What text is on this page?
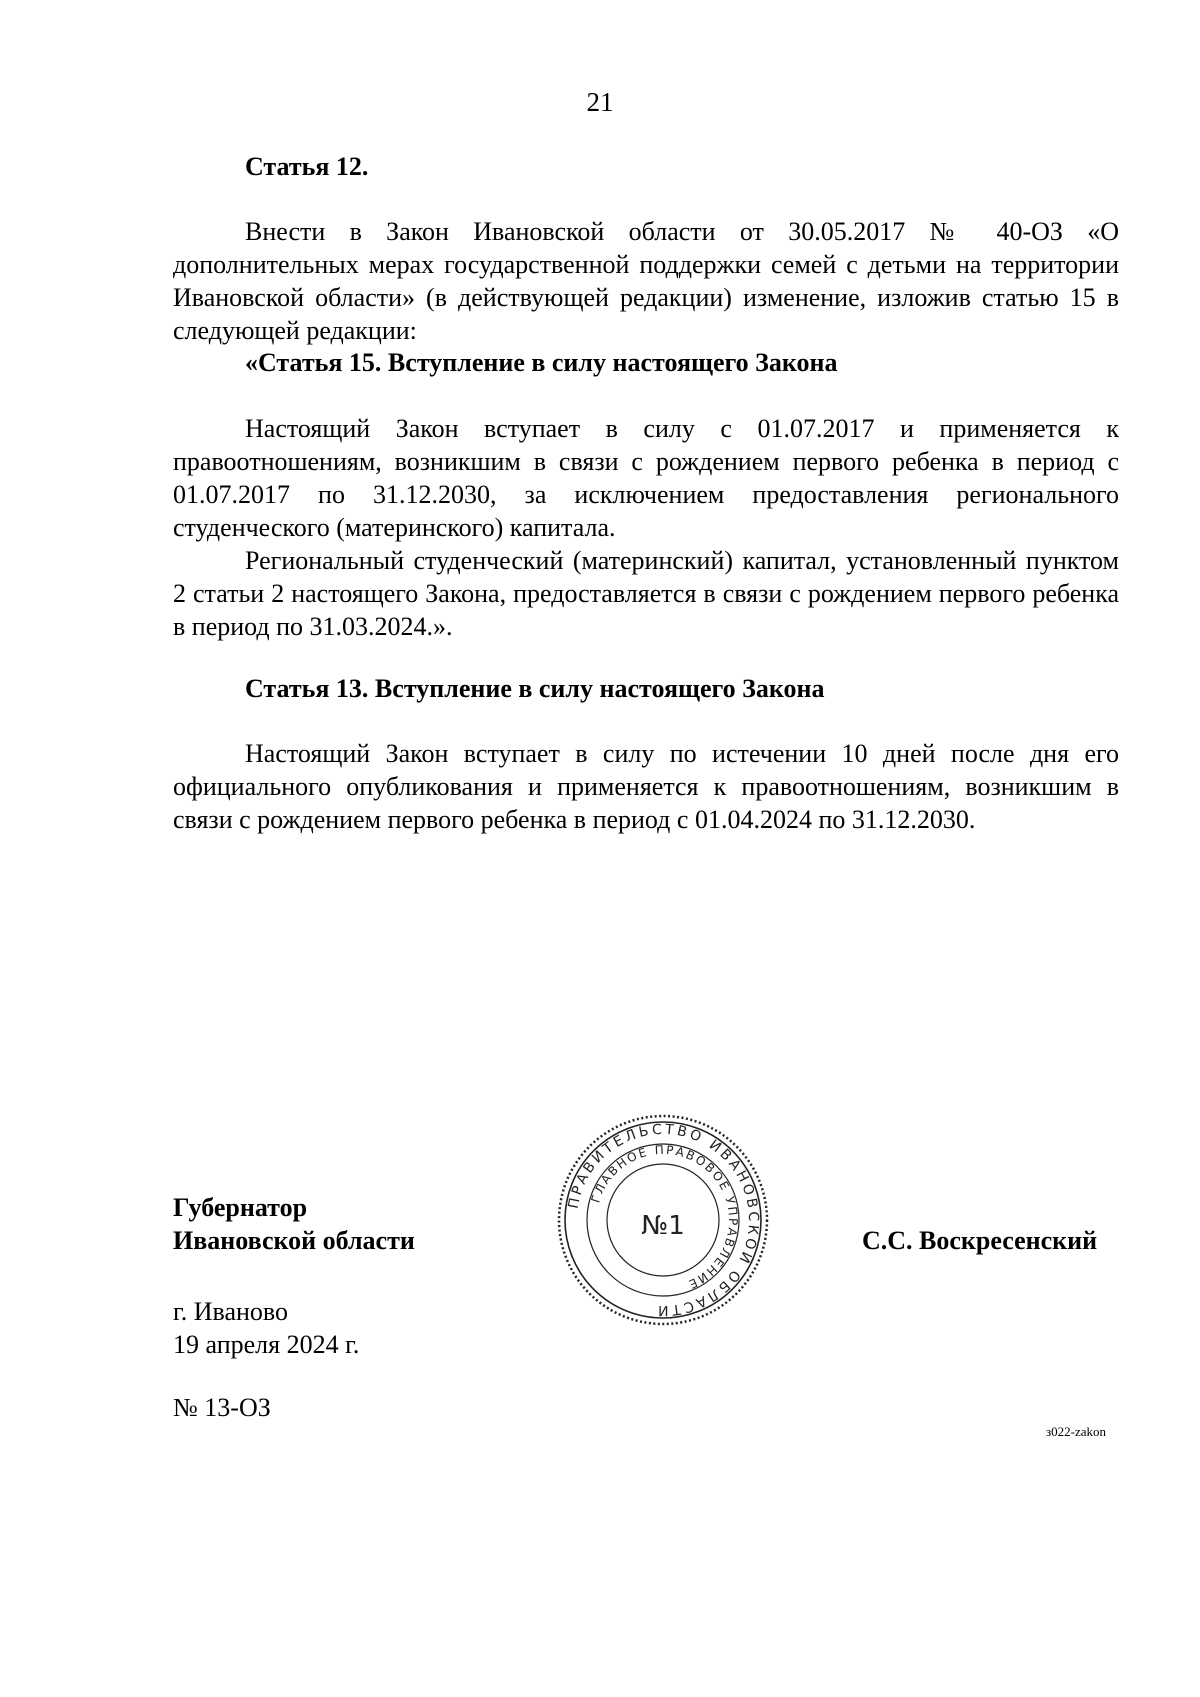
21
Статья 12.

Внести в Закон Ивановской области от 30.05.2017 № 40-ОЗ «О дополнительных мерах государственной поддержки семей с детьми на территории Ивановской области» (в действующей редакции) изменение, изложив статью 15 в следующей редакции:

«Статья 15. Вступление в силу настоящего Закона

Настоящий Закон вступает в силу с 01.07.2017 и применяется к правоотношениям, возникшим в связи с рождением первого ребенка в период с 01.07.2017 по 31.12.2030, за исключением предоставления регионального студенческого (материнского) капитала.

Региональный студенческий (материнский) капитал, установленный пунктом 2 статьи 2 настоящего Закона, предоставляется в связи с рождением первого ребенка в период по 31.03.2024.».

Статья 13. Вступление в силу настоящего Закона

Настоящий Закон вступает в силу по истечении 10 дней после дня его официального опубликования и применяется к правоотношениям, возникшим в связи с рождением первого ребенка в период с 01.04.2024 по 31.12.2030.

Губернатор
Ивановской области	С.С. Воскресенский
ПРАВИТЕЛЬСТВО ИВАНОВСКОЙ ОБЛАСТИ
ГЛАВНОЕ ПРАВОВОЕ УПРАВЛЕНИЕ
№1
г. Иваново
19 апреля 2024 г.
№ 13-ОЗ
з022-zakon
